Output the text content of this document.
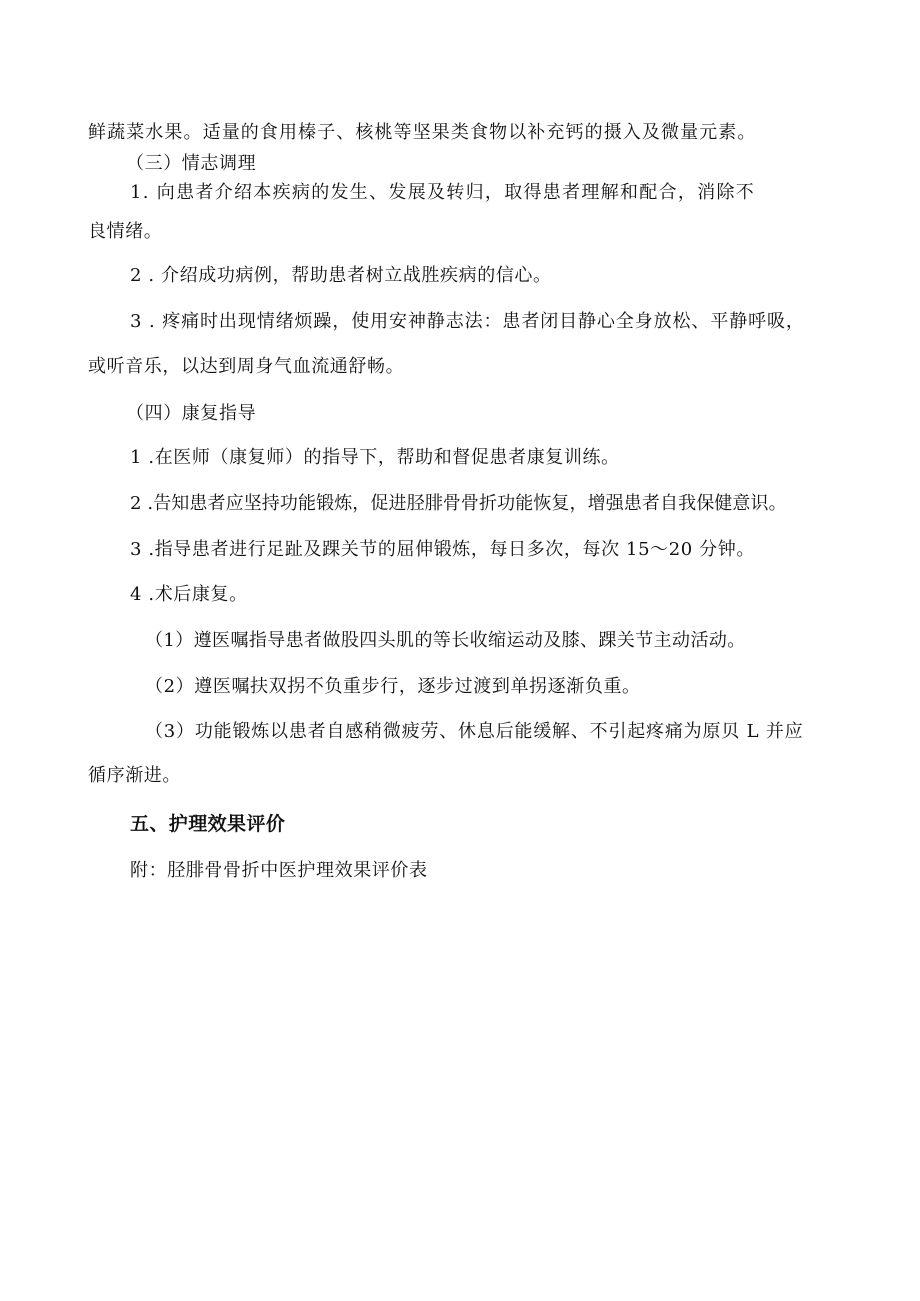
鲜蔬菜水果。适量的食用榛子、核桃等坚果类食物以补充钙的摄入及微量元素。
（三）情志调理
1. 向患者介绍本疾病的发生、发展及转归，取得患者理解和配合，消除不
良情绪。
2 . 介绍成功病例，帮助患者树立战胜疾病的信心。
3 . 疼痛时出现情绪烦躁，使用安神静志法：患者闭目静心全身放松、平静呼吸，
或听音乐，以达到周身气血流通舒畅。
（四）康复指导
1 .在医师（康复师）的指导下，帮助和督促患者康复训练。
2 .告知患者应坚持功能锻炼，促进胫腓骨骨折功能恢复，增强患者自我保健意识。
3 .指导患者进行足趾及踝关节的屈伸锻炼，每日多次，每次 15～20 分钟。
4 .术后康复。
（1）遵医嘱指导患者做股四头肌的等长收缩运动及膝、踝关节主动活动。
（2）遵医嘱扶双拐不负重步行，逐步过渡到单拐逐渐负重。
（3）功能锻炼以患者自感稍微疲劳、休息后能缓解、不引起疼痛为原贝 L 并应
循序渐进。
五、护理效果评价
附：胫腓骨骨折中医护理效果评价表
